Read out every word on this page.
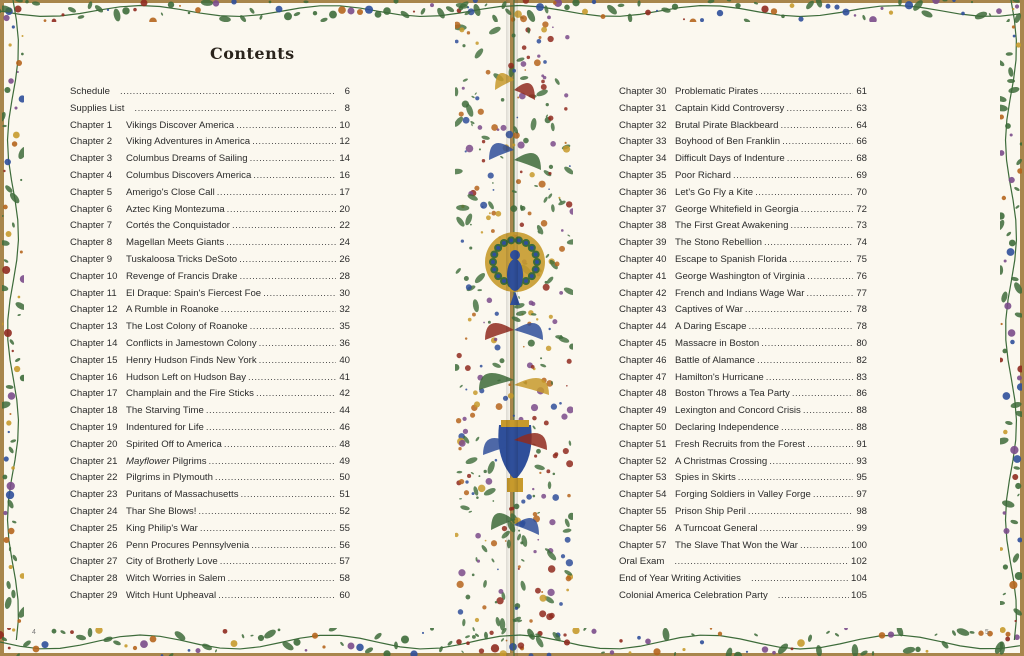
Contents
Schedule .....	6
Supplies List .....	8
Chapter 1	Vikings Discover America .....	10
Chapter 2	Viking Adventures in America .....	12
Chapter 3	Columbus Dreams of Sailing .....	14
Chapter 4	Columbus Discovers America .....	16
Chapter 5	Amerigo's Close Call .....	17
Chapter 6	Aztec King Montezuma .....	20
Chapter 7	Cortés the Conquistador .....	22
Chapter 8	Magellan Meets Giants .....	24
Chapter 9	Tuskaloosa Tricks DeSoto .....	26
Chapter 10 Revenge of Francis Drake .....	28
Chapter 11 El Draque: Spain's Fiercest Foe .....	30
Chapter 12 A Rumble in Roanoke .....	32
Chapter 13 The Lost Colony of Roanoke .....	35
Chapter 14 Conflicts in Jamestown Colony .....	36
Chapter 15 Henry Hudson Finds New York .....	40
Chapter 16 Hudson Left on Hudson Bay .....	41
Chapter 17 Champlain and the Fire Sticks .....	42
Chapter 18 The Starving Time .....	44
Chapter 19 Indentured for Life .....	46
Chapter 20 Spirited Off to America .....	48
Chapter 21 Mayflower Pilgrims .....	49
Chapter 22 Pilgrims in Plymouth .....	50
Chapter 23 Puritans of Massachusetts .....	51
Chapter 24 Thar She Blows! .....	52
Chapter 25 King Philip's War .....	55
Chapter 26 Penn Procures Pennsylvenia .....	56
Chapter 27 City of Brotherly Love .....	57
Chapter 28 Witch Worries in Salem .....	58
Chapter 29 Witch Hunt Upheaval .....	60
Chapter 30 Problematic Pirates .....	61
Chapter 31 Captain Kidd Controversy .....	63
Chapter 32 Brutal Pirate Blackbeard .....	64
Chapter 33 Boyhood of Ben Franklin .....	66
Chapter 34 Difficult Days of Indenture .....	68
Chapter 35 Poor Richard .....	69
Chapter 36 Let's Go Fly a Kite .....	70
Chapter 37 George Whitefield in Georgia .....	72
Chapter 38 The First Great Awakening .....	73
Chapter 39 The Stono Rebellion .....	74
Chapter 40 Escape to Spanish Florida .....	75
Chapter 41 George Washington of Virginia .....	76
Chapter 42 French and Indians Wage War .....	77
Chapter 43 Captives of War .....	78
Chapter 44 A Daring Escape .....	78
Chapter 45 Massacre in Boston .....	80
Chapter 46 Battle of Alamance .....	82
Chapter 47 Hamilton's Hurricane .....	83
Chapter 48 Boston Throws a Tea Party .....	86
Chapter 49 Lexington and Concord Crisis .....	88
Chapter 50 Declaring Independence .....	88
Chapter 51 Fresh Recruits from the Forest .....	91
Chapter 52 A Christmas Crossing .....	93
Chapter 53 Spies in Skirts .....	95
Chapter 54 Forging Soldiers in Valley Forge .....	97
Chapter 55 Prison Ship Peril .....	98
Chapter 56 A Turncoat General .....	99
Chapter 57 The Slave That Won the War .....	100
Oral Exam .....	102
End of Year Writing Activities .....	104
Colonial America Celebration Party .....	105
4	5
